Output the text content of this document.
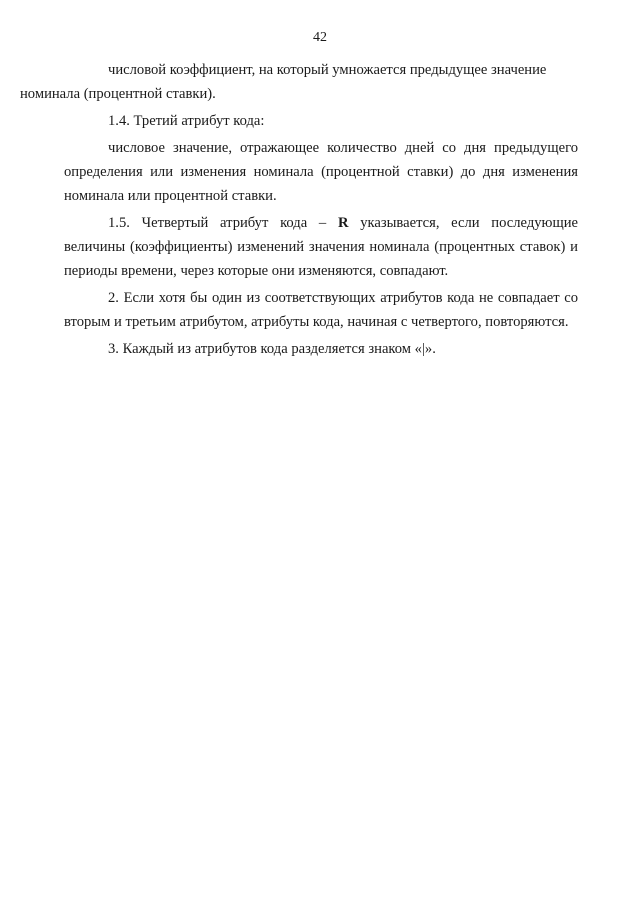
42

числовой коэффициент, на который умножается предыдущее значение
номинала (процентной ставки).

1.4. Третий атрибут кода:

числовое значение, отражающее количество дней со дня предыдущего определения или изменения номинала (процентной ставки) до дня изменения номинала или процентной ставки.

1.5. Четвертый атрибут кода – R указывается, если последующие величины (коэффициенты) изменений значения номинала (процентных ставок) и периоды времени, через которые они изменяются, совпадают.

2. Если хотя бы один из соответствующих атрибутов кода не совпадает со вторым и третьим атрибутом, атрибуты кода, начиная с четвертого, повторяются.

3. Каждый из атрибутов кода разделяется знаком «|».
